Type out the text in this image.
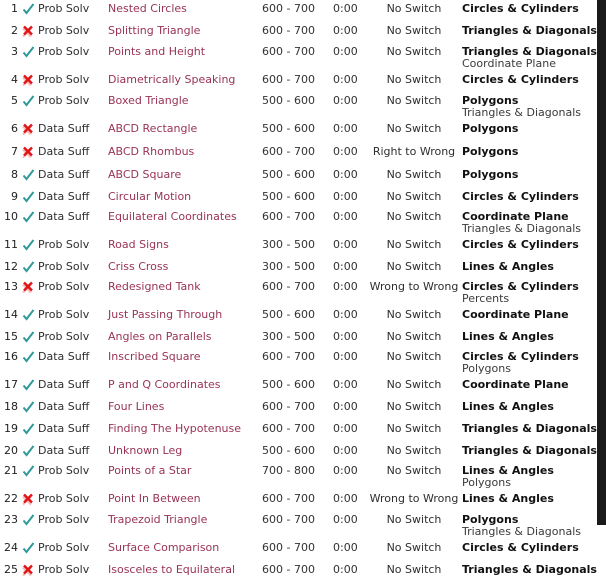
1		Prob Solv	Nested Circles	600 - 700	0:00	No Switch	Circles & Cylinders

2		Prob Solv	Splitting Triangle	600 - 700	0:00	No Switch	Triangles & Diagonals

3		Prob Solv	Points and Height	600 - 700	0:00	No Switch	Triangles & Diagonals
Coordinate Plane

4		Prob Solv	Diametrically Speaking	600 - 700	0:00	No Switch	Circles & Cylinders

5		Prob Solv	Boxed Triangle	500 - 600	0:00	No Switch	Polygons
Triangles & Diagonals

6		Data Suff	ABCD Rectangle	500 - 600	0:00	No Switch	Polygons

7		Data Suff	ABCD Rhombus	600 - 700	0:00	Right to Wrong	Polygons

8		Data Suff	ABCD Square	500 - 600	0:00	No Switch	Polygons

9		Data Suff	Circular Motion	500 - 600	0:00	No Switch	Circles & Cylinders

10		Data Suff	Equilateral Coordinates	600 - 700	0:00	No Switch	Coordinate Plane
Triangles & Diagonals

11		Prob Solv	Road Signs	300 - 500	0:00	No Switch	Circles & Cylinders

12		Prob Solv	Criss Cross	300 - 500	0:00	No Switch	Lines & Angles

13		Prob Solv	Redesigned Tank	600 - 700	0:00	Wrong to Wrong	Circles & Cylinders
Percents

14		Prob Solv	Just Passing Through	500 - 600	0:00	No Switch	Coordinate Plane

15		Prob Solv	Angles on Parallels	300 - 500	0:00	No Switch	Lines & Angles

16		Data Suff	Inscribed Square	600 - 700	0:00	No Switch	Circles & Cylinders
Polygons

17		Data Suff	P and Q Coordinates	500 - 600	0:00	No Switch	Coordinate Plane

18		Data Suff	Four Lines	600 - 700	0:00	No Switch	Lines & Angles

19		Data Suff	Finding The Hypotenuse	600 - 700	0:00	No Switch	Triangles & Diagonals

20		Data Suff	Unknown Leg	500 - 600	0:00	No Switch	Triangles & Diagonals

21		Prob Solv	Points of a Star	700 - 800	0:00	No Switch	Lines & Angles
Polygons

22		Prob Solv	Point In Between	600 - 700	0:00	Wrong to Wrong	Lines & Angles

23		Prob Solv	Trapezoid Triangle	600 - 700	0:00	No Switch	Polygons
Triangles & Diagonals

24		Prob Solv	Surface Comparison	600 - 700	0:00	No Switch	Circles & Cylinders

25		Prob Solv	Isosceles to Equilateral	600 - 700	0:00	No Switch	Triangles & Diagonals
